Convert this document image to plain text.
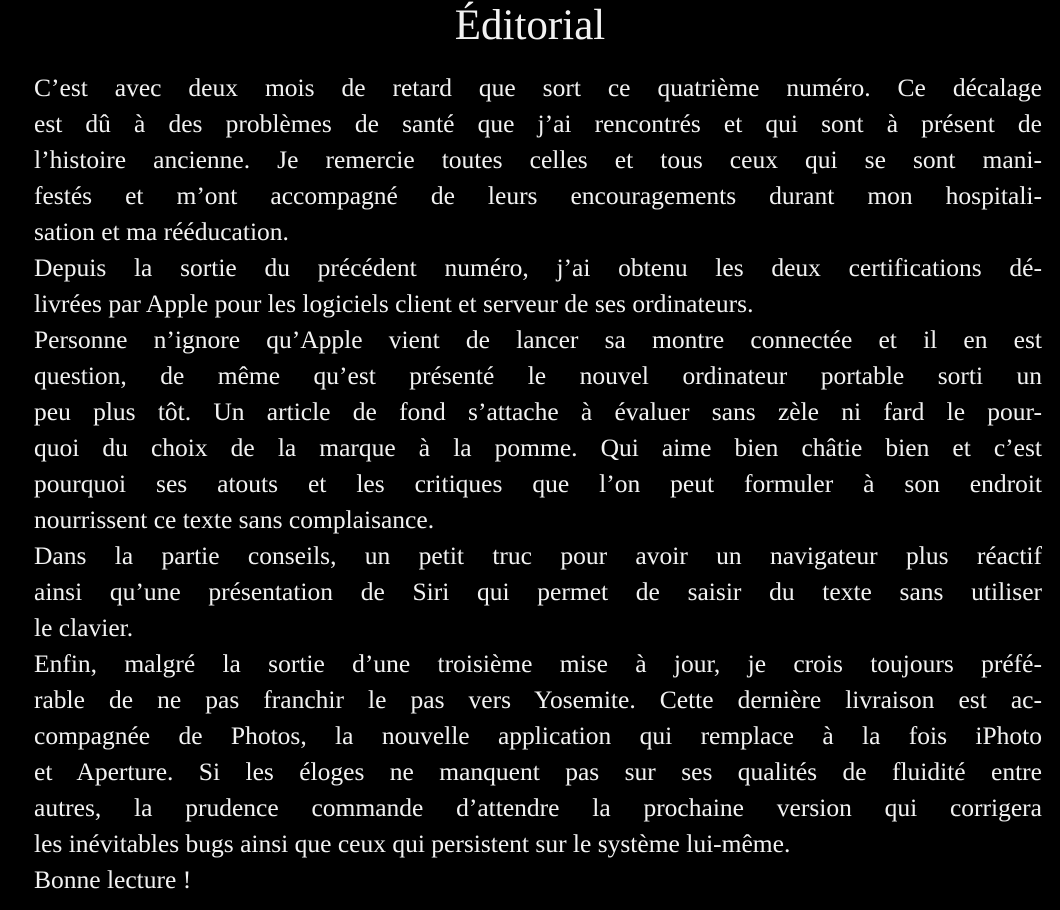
Éditorial
C’est avec deux mois de retard que sort ce quatrième numéro. Ce décalage
est dû à des problèmes de santé que j’ai rencontrés et qui sont à présent de
l’histoire ancienne. Je remercie toutes celles et tous ceux qui se sont mani-
festés et m’ont accompagné de leurs encouragements durant mon hospitali-
sation et ma rééducation.
Depuis la sortie du précédent numéro, j’ai obtenu les deux certifications dé-
livrées par Apple pour les logiciels client et serveur de ses ordinateurs.
Personne n’ignore qu’Apple vient de lancer sa montre connectée et il en est
question, de même qu’est présenté le nouvel ordinateur portable sorti un
peu plus tôt. Un article de fond s’attache à évaluer sans zèle ni fard le pour-
quoi du choix de la marque à la pomme. Qui aime bien châtie bien et c’est
pourquoi ses atouts et les critiques que l’on peut formuler à son endroit
nourrissent ce texte sans complaisance.
Dans la partie conseils, un petit truc pour avoir un navigateur plus réactif
ainsi qu’une présentation de Siri qui permet de saisir du texte sans utiliser
le clavier.
Enfin, malgré la sortie d’une troisième mise à jour, je crois toujours préfé-
rable de ne pas franchir le pas vers Yosemite. Cette dernière livraison est ac-
compagnée de Photos, la nouvelle application qui remplace à la fois iPhoto
et Aperture. Si les éloges ne manquent pas sur ses qualités de fluidité entre
autres, la prudence commande d’attendre la prochaine version qui corrigera
les inévitables bugs ainsi que ceux qui persistent sur le système lui-même.
Bonne lecture !
